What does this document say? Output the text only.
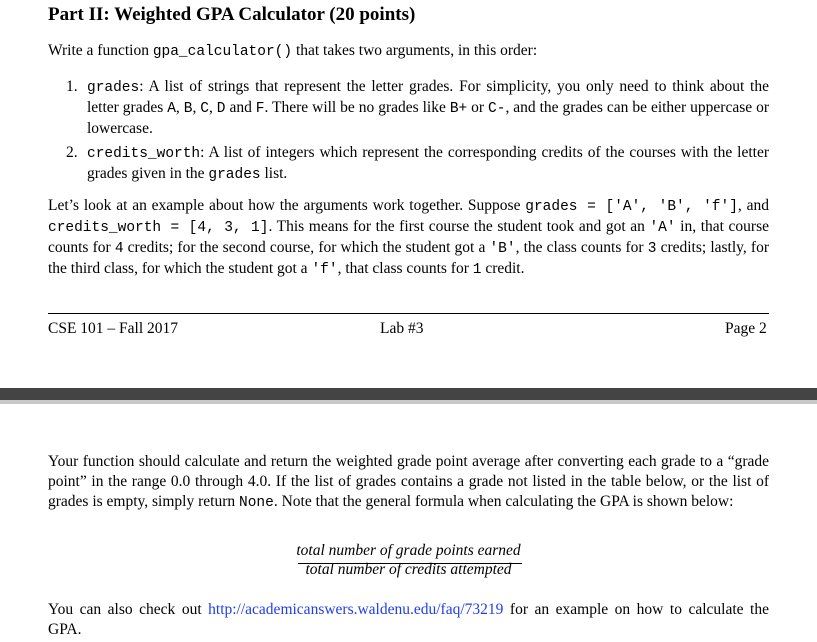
Part II: Weighted GPA Calculator (20 points)

Write a function gpa_calculator() that takes two arguments, in this order:

1. grades: A list of strings that represent the letter grades. For simplicity, you only need to think about the letter grades A, B, C, D and F. There will be no grades like B+ or C-, and the grades can be either uppercase or lowercase.
2. credits_worth: A list of integers which represent the corresponding credits of the courses with the letter grades given in the grades list.

Let’s look at an example about how the arguments work together. Suppose grades = ['A', 'B', 'f'], and credits_worth = [4, 3, 1]. This means for the first course the student took and got an 'A' in, that course counts for 4 credits; for the second course, for which the student got a 'B', the class counts for 3 credits; lastly, for the third class, for which the student got a 'f', that class counts for 1 credit.

CSE 101 – Fall 2017	Lab #3	Page 2

Your function should calculate and return the weighted grade point average after converting each grade to a “grade point” in the range 0.0 through 4.0. If the list of grades contains a grade not listed in the table below, or the list of grades is empty, simply return None. Note that the general formula when calculating the GPA is shown below:

total number of grade points earned
total number of credits attempted

You can also check out http://academicanswers.waldenu.edu/faq/73219 for an example on how to calculate the GPA.
